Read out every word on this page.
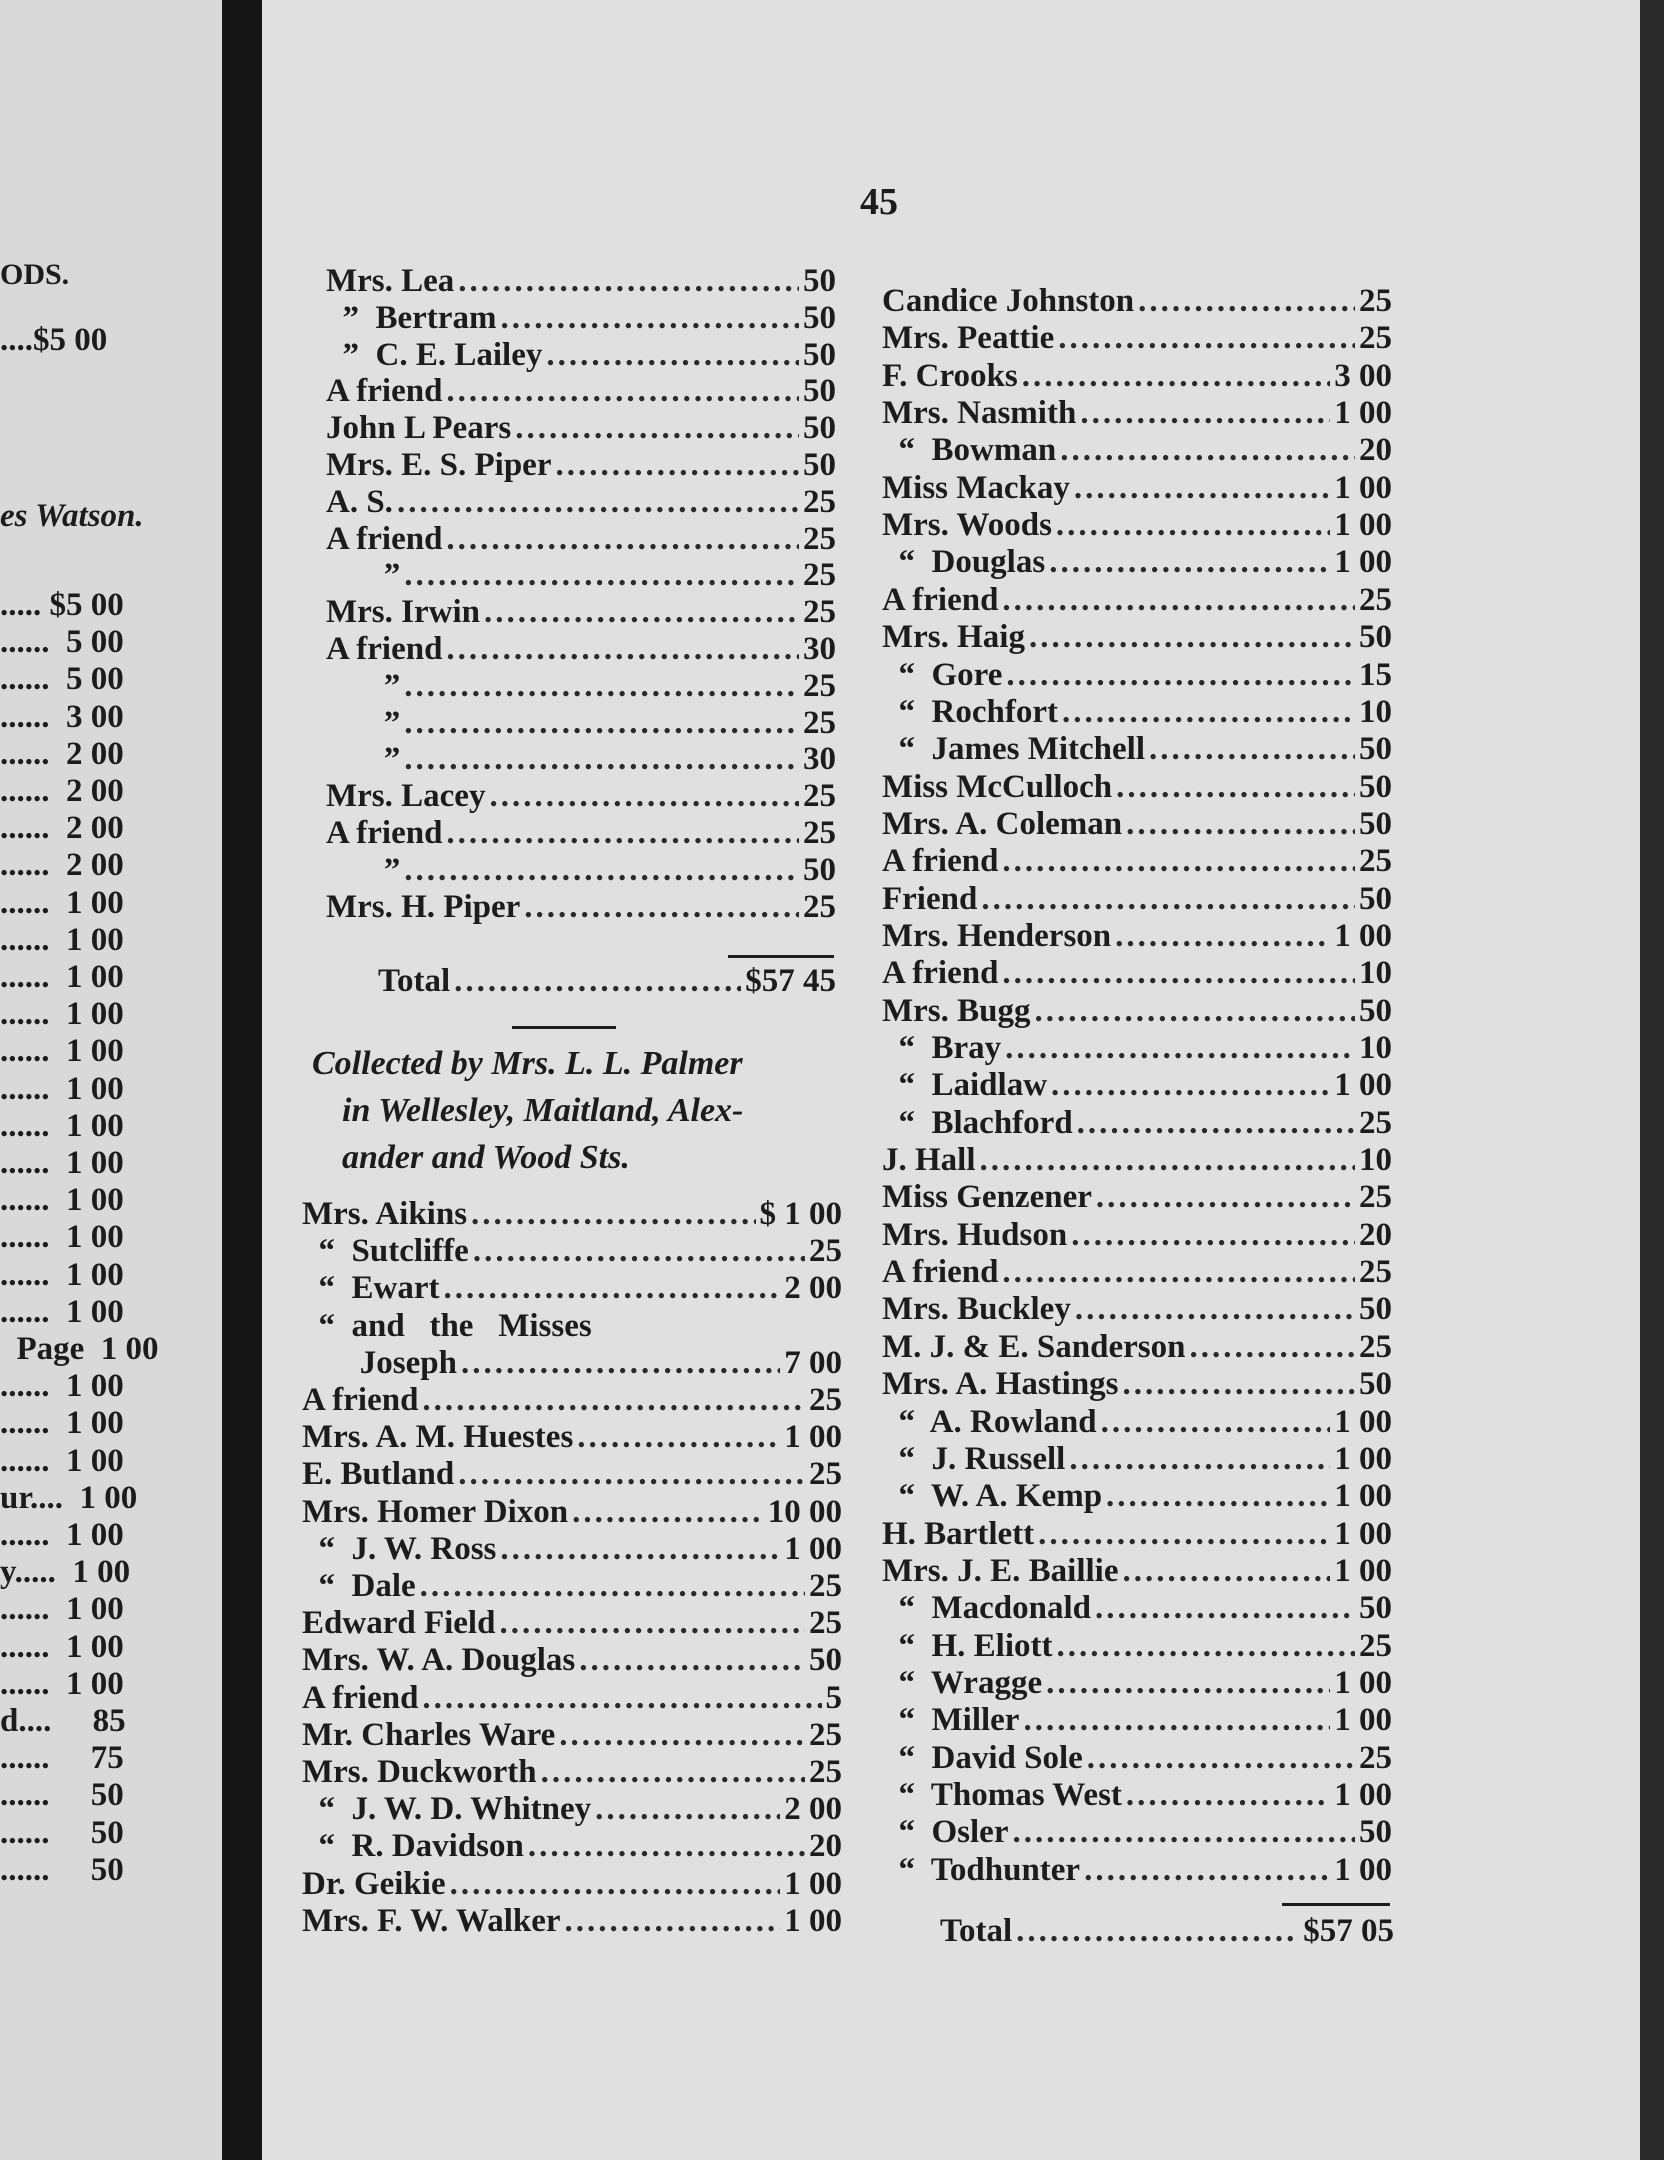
ODS.
....$5 00
es Watson.
..... $5 00
......  5 00
......  5 00
......  3 00
......  2 00
......  2 00
......  2 00
......  2 00
......  1 00
......  1 00
......  1 00
......  1 00
......  1 00
......  1 00
......  1 00
......  1 00
......  1 00
......  1 00
......  1 00
......  1 00
Page  1 00
......  1 00
......  1 00
......  1 00
ur....  1 00
......  1 00
y.....  1 00
......  1 00
......  1 00
......  1 00
d....     85
......     75
......     50
......     50
......     50
45
Mrs. Lea .....	50
”  Bertram .....	50
”  C. E. Lailey .....	50
A friend .....	50
John L Pears .....	50
Mrs. E. S. Piper .....	50
A. S. .....	25
A friend .....	25
” .....	25
Mrs. Irwin .....	25
A friend .....	30
” .....	25
” .....	25
” .....	30
Mrs. Lacey .....	25
A friend .....	25
” .....	50
Mrs. H. Piper .....	25
Total .....	$57 45
Collected by Mrs. L. L. Palmer
in Wellesley, Maitland, Alex-
ander and Wood Sts.
Mrs. Aikins .....	$ 1 00
“  Sutcliffe .....	25
“  Ewart .....	2 00
“  and   the   Misses
Joseph .....	7 00
A friend .....	25
Mrs. A. M. Huestes .....	1 00
E. Butland .....	25
Mrs. Homer Dixon .....	10 00
“  J. W. Ross .....	1 00
“  Dale .....	25
Edward Field .....	25
Mrs. W. A. Douglas .....	50
A friend .....	5
Mr. Charles Ware .....	25
Mrs. Duckworth .....	25
“  J. W. D. Whitney .....	2 00
“  R. Davidson .....	20
Dr. Geikie .....	1 00
Mrs. F. W. Walker .....	1 00
Candice Johnston .....	25
Mrs. Peattie .....	25
F. Crooks .....	3 00
Mrs. Nasmith .....	1 00
“  Bowman .....	20
Miss Mackay .....	1 00
Mrs. Woods .....	1 00
“  Douglas .....	1 00
A friend .....	25
Mrs. Haig .....	50
“  Gore .....	15
“  Rochfort .....	10
“  James Mitchell .....	50
Miss McCulloch .....	50
Mrs. A. Coleman .....	50
A friend .....	25
Friend .....	50
Mrs. Henderson .....	1 00
A friend .....	10
Mrs. Bugg .....	50
“  Bray .....	10
“  Laidlaw .....	1 00
“  Blachford .....	25
J. Hall .....	10
Miss Genzener .....	25
Mrs. Hudson .....	20
A friend .....	25
Mrs. Buckley .....	50
M. J. & E. Sanderson .....	25
Mrs. A. Hastings .....	50
“  A. Rowland .....	1 00
“  J. Russell .....	1 00
“  W. A. Kemp .....	1 00
H. Bartlett .....	1 00
Mrs. J. E. Baillie .....	1 00
“  Macdonald .....	50
“  H. Eliott .....	25
“  Wragge .....	1 00
“  Miller .....	1 00
“  David Sole .....	25
“  Thomas West .....	1 00
“  Osler .....	50
“  Todhunter .....	1 00
Total .....	$57 05
